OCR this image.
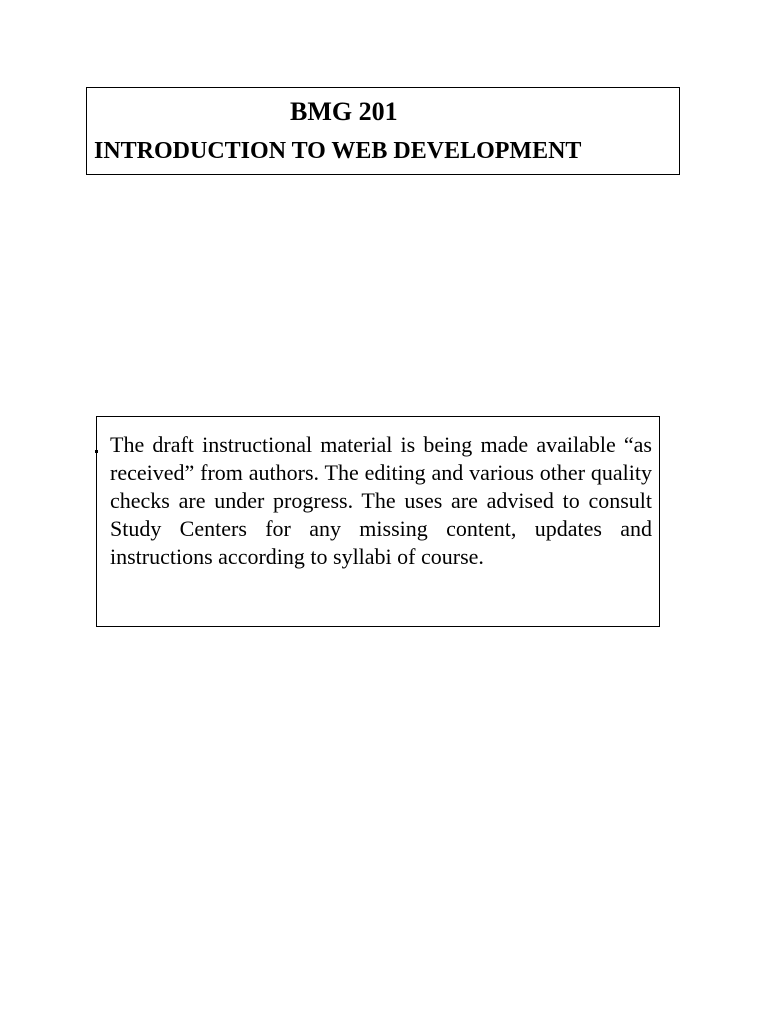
BMG 201
INTRODUCTION TO WEB DEVELOPMENT

The draft instructional material is being made available “as received” from authors. The editing and various other quality checks are under progress. The uses are advised to consult Study Centers for any missing content, updates and instructions according to syllabi of course.
